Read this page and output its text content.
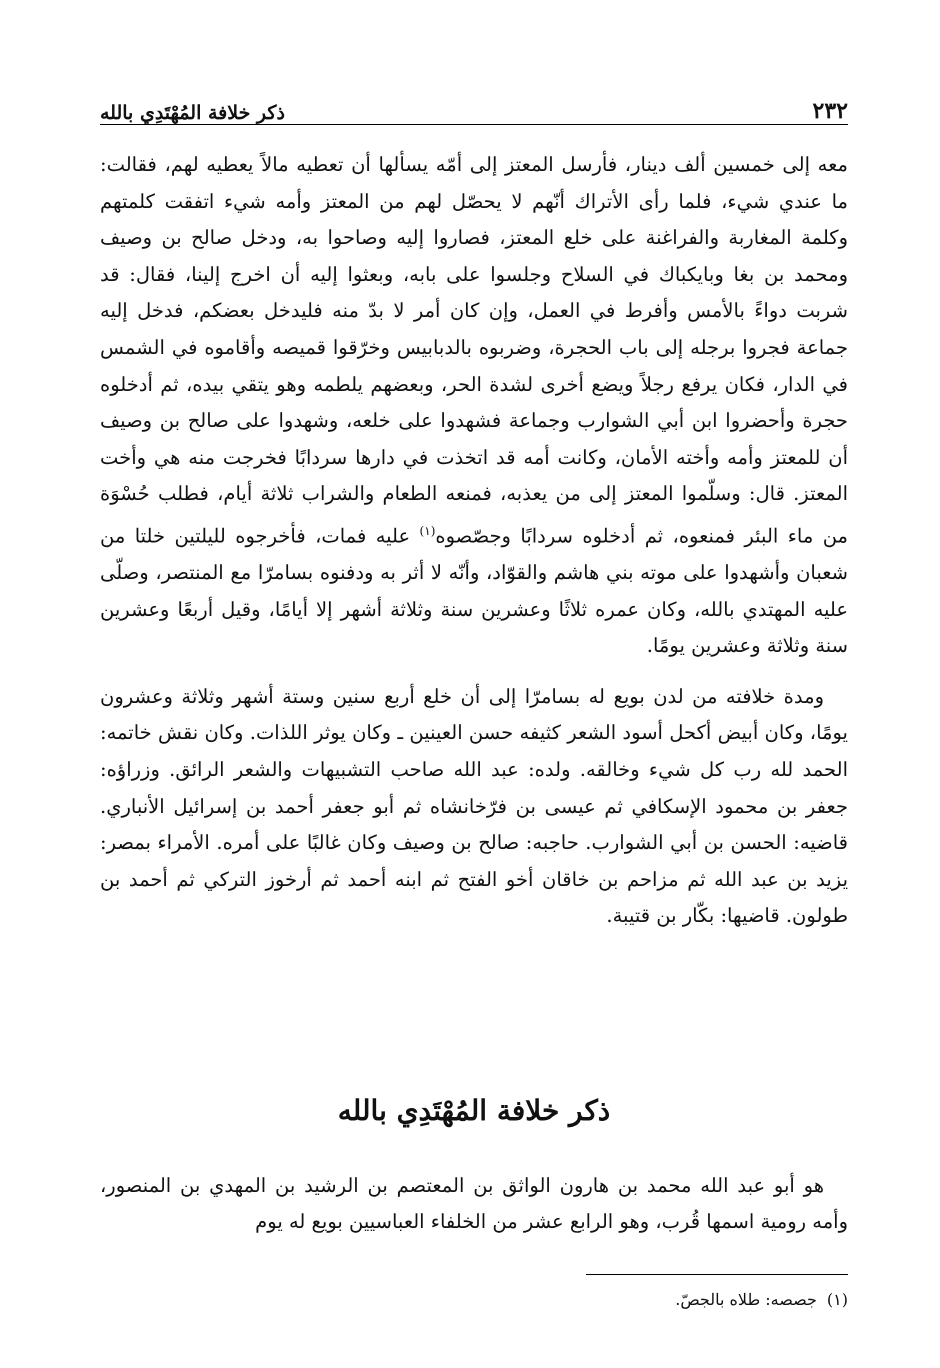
٢٣٢
ذكر خلافة المُهْتَدِي بالله

معه إلى خمسين ألف دينار، فأرسل المعتز إلى أمّه يسألها أن تعطيه مالاً يعطيه لهم، فقالت: ما عندي شيء، فلما رأى الأتراك أنّهم لا يحصّل لهم من المعتز وأمه شيء اتفقت كلمتهم وكلمة المغاربة والفراغنة على خلع المعتز، فصاروا إليه وصاحوا به، ودخل صالح بن وصيف ومحمد بن بغا وبايكباك في السلاح وجلسوا على بابه، وبعثوا إليه أن اخرج إلينا، فقال: قد شربت دواءً بالأمس وأفرط في العمل، وإن كان أمر لا بدّ منه فليدخل بعضكم، فدخل إليه جماعة فجروا برجله إلى باب الحجرة، وضربوه بالدبابيس وخرّقوا قميصه وأقاموه في الشمس في الدار، فكان يرفع رجلاً ويضع أخرى لشدة الحر، وبعضهم يلطمه وهو يتقي بيده، ثم أدخلوه حجرة وأحضروا ابن أبي الشوارب وجماعة فشهدوا على خلعه، وشهدوا على صالح بن وصيف أن للمعتز وأمه وأخته الأمان، وكانت أمه قد اتخذت في دارها سردابًا فخرجت منه هي وأخت المعتز. قال: وسلّموا المعتز إلى من يعذبه، فمنعه الطعام والشراب ثلاثة أيام، فطلب حُسْوَة من ماء البئر فمنعوه، ثم أدخلوه سردابًا وجصّصوه$^{(١)}$ عليه فمات، فأخرجوه لليلتين خلتا من شعبان وأشهدوا على موته بني هاشم والقوّاد، وأنّه لا أثر به ودفنوه بسامرّا مع المنتصر، وصلّى عليه المهتدي بالله، وكان عمره ثلاثًا وعشرين سنة وثلاثة أشهر إلا أيامًا، وقيل أربعًا وعشرين سنة وثلاثة وعشرين يومًا.

ومدة خلافته من لدن بويع له بسامرّا إلى أن خلع أربع سنين وستة أشهر وثلاثة وعشرون يومًا، وكان أبيض أكحل أسود الشعر كثيفه حسن العينين ـ وكان يوثر اللذات. وكان نقش خاتمه: الحمد لله رب كل شيء وخالقه. ولده: عبد الله صاحب التشبيهات والشعر الرائق. وزراؤه: جعفر بن محمود الإسكافي ثم عيسى بن فرّخانشاه ثم أبو جعفر أحمد بن إسرائيل الأنباري. قاضيه: الحسن بن أبي الشوارب. حاجبه: صالح بن وصيف وكان غالبًا على أمره. الأمراء بمصر: يزيد بن عبد الله ثم مزاحم بن خاقان أخو الفتح ثم ابنه أحمد ثم أرخوز التركي ثم أحمد بن طولون. قاضيها: بكّار بن قتيبة.

ذكر خلافة المُهْتَدِي بالله

هو أبو عبد الله محمد بن هارون الواثق بن المعتصم بن الرشيد بن المهدي بن المنصور، وأمه رومية اسمها قُرب، وهو الرابع عشر من الخلفاء العباسيين بويع له يوم

(١)جصصه: طلاه بالجصّ.
